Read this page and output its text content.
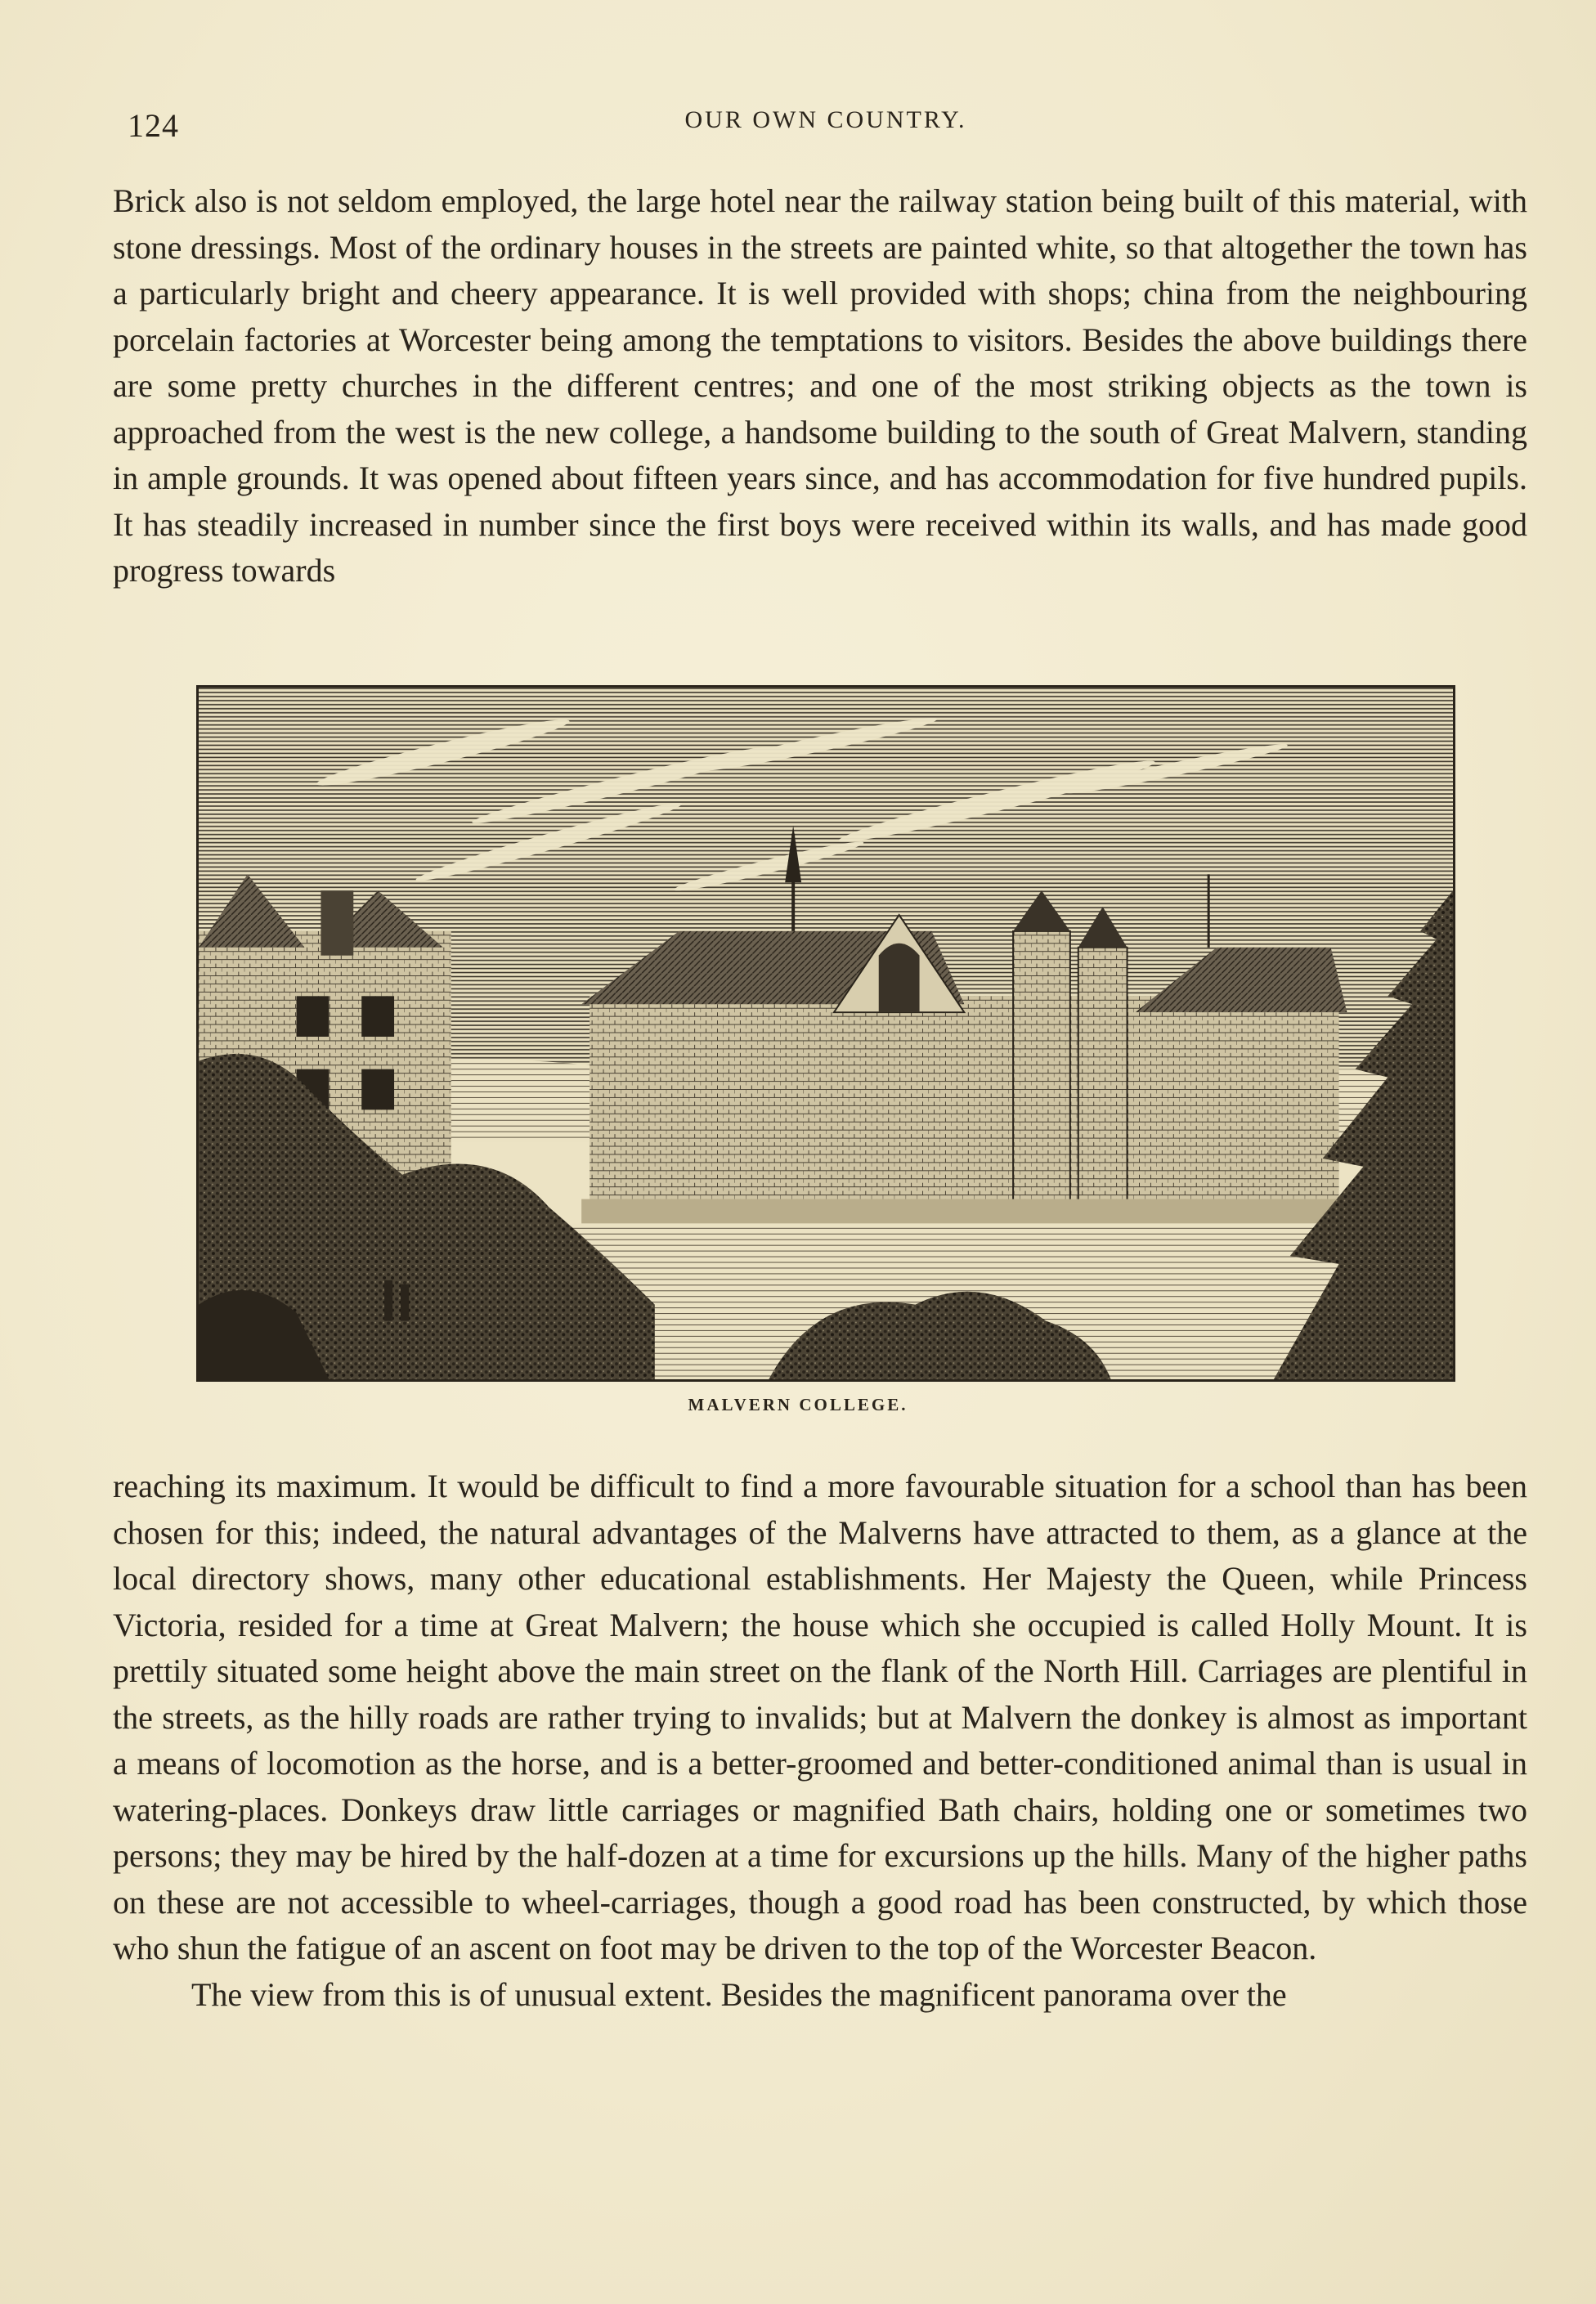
124	OUR OWN COUNTRY.

Brick also is not seldom employed, the large hotel near the railway station being built of this material, with stone dressings. Most of the ordinary houses in the streets are painted white, so that altogether the town has a particularly bright and cheery appearance. It is well provided with shops; china from the neighbouring porcelain factories at Worcester being among the temptations to visitors. Besides the above buildings there are some pretty churches in the different centres; and one of the most striking objects as the town is approached from the west is the new college, a handsome building to the south of Great Malvern, standing in ample grounds. It was opened about fifteen years since, and has accommodation for five hundred pupils. It has steadily increased in number since the first boys were received within its walls, and has made good progress towards

MALVERN COLLEGE.

reaching its maximum. It would be difficult to find a more favourable situation for a school than has been chosen for this; indeed, the natural advantages of the Malverns have attracted to them, as a glance at the local directory shows, many other educational establishments. Her Majesty the Queen, while Princess Victoria, resided for a time at Great Malvern; the house which she occupied is called Holly Mount. It is prettily situated some height above the main street on the flank of the North Hill. Carriages are plentiful in the streets, as the hilly roads are rather trying to invalids; but at Malvern the donkey is almost as important a means of locomotion as the horse, and is a better-groomed and better-conditioned animal than is usual in watering-places. Donkeys draw little carriages or magnified Bath chairs, holding one or sometimes two persons; they may be hired by the half-dozen at a time for excursions up the hills. Many of the higher paths on these are not accessible to wheel-carriages, though a good road has been constructed, by which those who shun the fatigue of an ascent on foot may be driven to the top of the Worcester Beacon.

The view from this is of unusual extent. Besides the magnificent panorama over the
